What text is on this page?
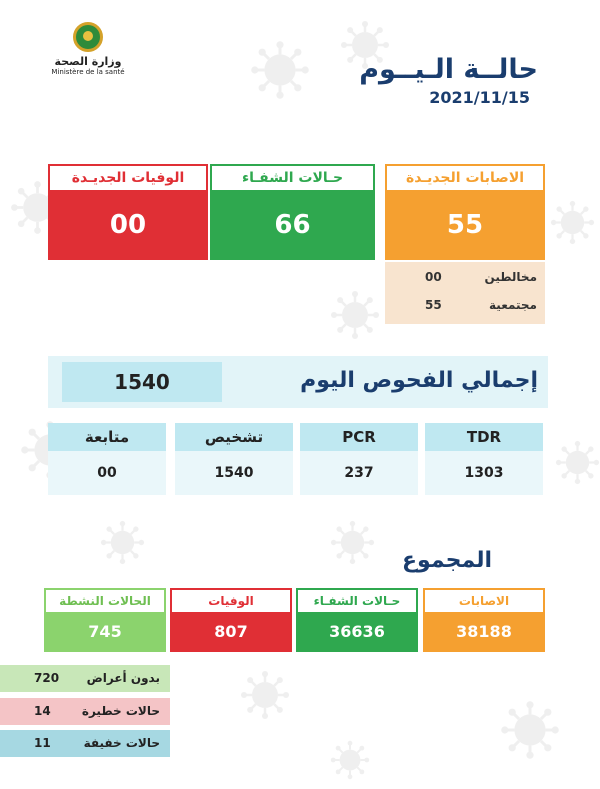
وزارة الصحة
Ministère de la santé	حالــة الـيــوم
2021/11/15
الاصابات الجديـدة
55
حـالات الشفـاء
66
الوفيات الجديـدة
00
مخالطين
00
مجتمعية
55
1540	إجمالي الفحوص اليوم
TDR
1303
PCR
237
تشخيص
1540
متابعة
00
المجموع
الاصابات
38188
حـالات الشفـاء
36636
الوفيات
807
الحالات النشطة
745
بدون أعراض
720
حالات خطيرة
14
حالات خفيفة
11
